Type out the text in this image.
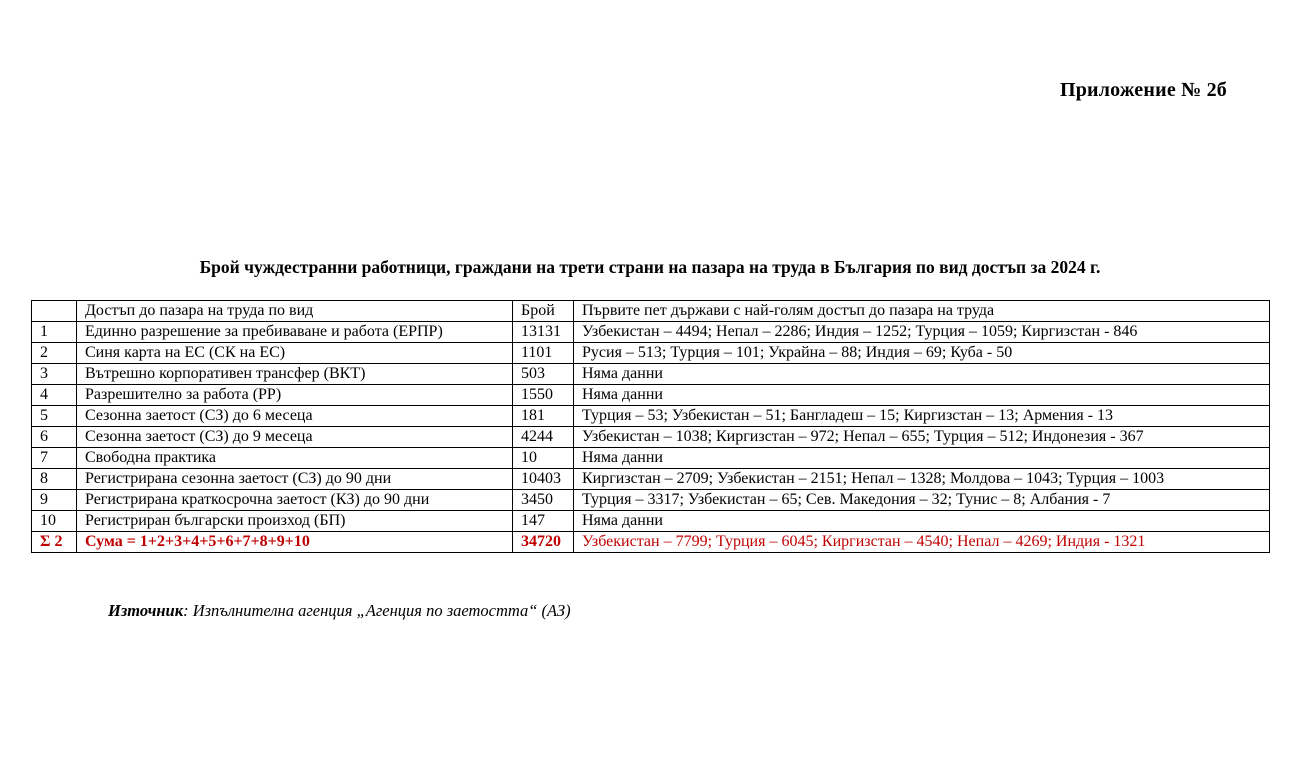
Приложение № 2б
Брой чуждестранни работници, граждани на трети страни на пазара на труда в България по вид достъп за 2024 г.
	Достъп до пазара на труда по вид	Брой	Първите пет държави с най-голям достъп до пазара на труда
1	Единно разрешение за пребиваване и работа (ЕРПР)	13131	Узбекистан – 4494; Непал – 2286; Индия – 1252; Турция – 1059; Киргизстан - 846
2	Синя карта на ЕС (СК на ЕС)	1101	Русия – 513; Турция – 101; Украйна – 88; Индия – 69; Куба - 50
3	Вътрешно корпоративен трансфер (ВКТ)	503	Няма данни
4	Разрешително за работа (РР)	1550	Няма данни
5	Сезонна заетост (СЗ) до 6 месеца	181	Турция – 53; Узбекистан – 51; Бангладеш – 15; Киргизстан – 13; Армения - 13
6	Сезонна заетост (СЗ) до 9 месеца	4244	Узбекистан – 1038; Киргизстан – 972; Непал – 655; Турция – 512; Индонезия - 367
7	Свободна практика	10	Няма данни
8	Регистрирана сезонна заетост (СЗ) до 90 дни	10403	Киргизстан – 2709; Узбекистан – 2151; Непал – 1328; Молдова – 1043; Турция – 1003
9	Регистрирана краткосрочна заетост (КЗ) до 90 дни	3450	Турция – 3317; Узбекистан – 65; Сев. Македония – 32; Тунис – 8; Албания - 7
10	Регистриран български произход (БП)	147	Няма данни
Σ 2	Сума = 1+2+3+4+5+6+7+8+9+10	34720	Узбекистан – 7799; Турция – 6045; Киргизстан – 4540; Непал – 4269; Индия - 1321
Източник: Изпълнителна агенция „Агенция по заетостта“ (АЗ)
